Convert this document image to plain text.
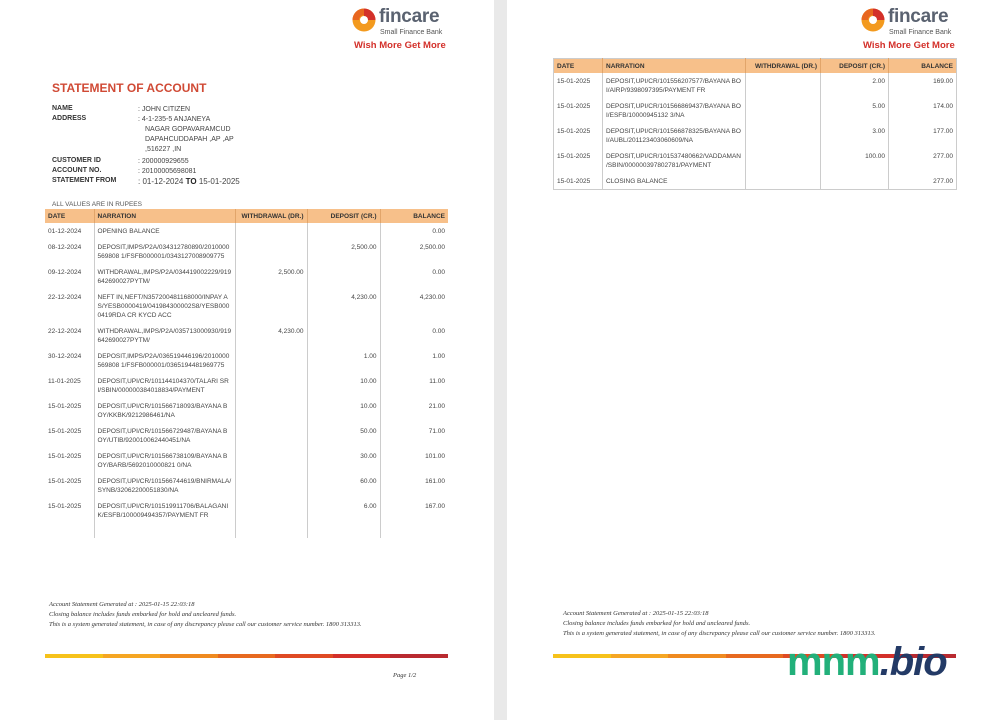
fincare
Small Finance Bank
Wish More Get More
STATEMENT OF ACCOUNT
NAME	: JOHN CITIZEN
ADDRESS	: 4-1-235-5 ANJANEYA
NAGAR GOPAVARAMCUD
DAPAHCUDDAPAH ,AP ,AP
,516227 ,IN
CUSTOMER ID	: 200000929655
ACCOUNT NO.	: 20100005698081
STATEMENT FROM	: 01-12-2024 TO 15-01-2025
ALL VALUES ARE IN RUPEES
DATE	NARRATION	WITHDRAWAL (DR.)	DEPOSIT (CR.)	BALANCE
01-12-2024	OPENING BALANCE			0.00
08-12-2024	DEPOSIT,IMPS/P2A/034312780890/2010000569808 1/FSFB000001/0343127008909775		2,500.00	2,500.00
09-12-2024	WITHDRAWAL,IMPS/P2A/034419002229/919642690027PYTM/	2,500.00		0.00
22-12-2024	NEFT IN,NEFT/N357200481168000/INPAY AS/YESB0000419/041984300002S8/YESB0000419RDA CR KYCD ACC		4,230.00	4,230.00
22-12-2024	WITHDRAWAL,IMPS/P2A/035713000930/919642690027PYTM/	4,230.00		0.00
30-12-2024	DEPOSIT,IMPS/P2A/036519446196/2010000569808 1/FSFB000001/0365194481969775		1.00	1.00
11-01-2025	DEPOSIT,UPI/CR/101144104370/TALARI SRI/SBIN/000000384018834/PAYMENT		10.00	11.00
15-01-2025	DEPOSIT,UPI/CR/101566718093/BAYANA BOY/KKBK/9212986461/NA		10.00	21.00
15-01-2025	DEPOSIT,UPI/CR/101566729487/BAYANA BOY/UTIB/920010062440451/NA		50.00	71.00
15-01-2025	DEPOSIT,UPI/CR/101566738109/BAYANA BOY/BARB/5692010000821 0/NA		30.00	101.00
15-01-2025	DEPOSIT,UPI/CR/101566744619/BNIRMALA/SYNB/32062200051830/NA		60.00	161.00
15-01-2025	DEPOSIT,UPI/CR/101519911706/BALAGANI K/ESFB/100009494357/PAYMENT FR		6.00	167.00

Account Statement Generated at : 2025-01-15 22:03:18
Closing balance includes funds embarked for hold and uncleared funds.
This is a system generated statement, in case of any discrepancy please call our customer service number. 1800 313313.
Page 1/2
fincare
Small Finance Bank
Wish More Get More
DATE	NARRATION	WITHDRAWAL (DR.)	DEPOSIT (CR.)	BALANCE
15-01-2025	DEPOSIT,UPI/CR/101556207577/BAYANA BOI/AIRP/9398097395/PAYMENT FR		2.00	169.00
15-01-2025	DEPOSIT,UPI/CR/101566869437/BAYANA BOI/ESFB/10000945132 3/NA		5.00	174.00
15-01-2025	DEPOSIT,UPI/CR/101566878325/BAYANA BOI/AUBL/201123403060609/NA		3.00	177.00
15-01-2025	DEPOSIT,UPI/CR/101537480662/VADDAMAN /SBIN/000000397802781/PAYMENT		100.00	277.00
15-01-2025	CLOSING BALANCE			277.00
Account Statement Generated at : 2025-01-15 22:03:18
Closing balance includes funds embarked for hold and uncleared funds.
This is a system generated statement, in case of any discrepancy please call our customer service number. 1800 313313.
mnm.bio
